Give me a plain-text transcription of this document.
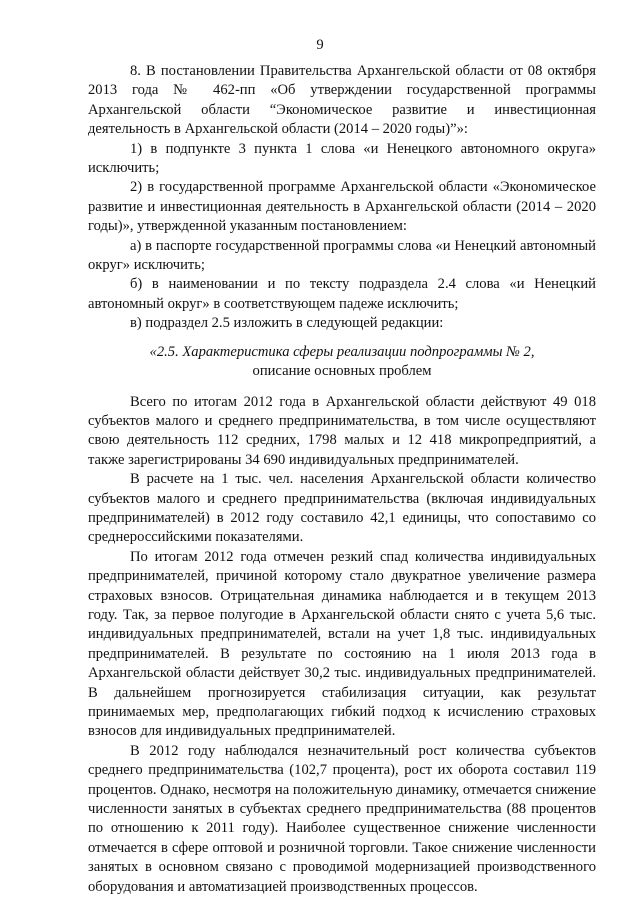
9

8. В постановлении Правительства Архангельской области от 08 октября 2013 года № 462-пп «Об утверждении государственной программы Архангельской области “Экономическое развитие и инвестиционная деятельность в Архангельской области (2014 – 2020 годы)”»:

1) в подпункте 3 пункта 1 слова «и Ненецкого автономного округа» исключить;

2) в государственной программе Архангельской области «Экономическое развитие и инвестиционная деятельность в Архангельской области (2014 – 2020 годы)», утвержденной указанным постановлением:

а) в паспорте государственной программы слова «и Ненецкий автономный округ» исключить;

б) в наименовании и по тексту подраздела 2.4 слова «и Ненецкий автономный округ» в соответствующем падеже исключить;

в) подраздел 2.5 изложить в следующей редакции:

«2.5. Характеристика сферы реализации подпрограммы № 2,
описание основных проблем

Всего по итогам 2012 года в Архангельской области действуют 49 018 субъектов малого и среднего предпринимательства, в том числе осуществляют свою деятельность 112 средних, 1798 малых и 12 418 микропредприятий, а также зарегистрированы 34 690 индивидуальных предпринимателей.

В расчете на 1 тыс. чел. населения Архангельской области количество субъектов малого и среднего предпринимательства (включая индивидуальных предпринимателей) в 2012 году составило 42,1 единицы, что сопоставимо со среднероссийскими показателями.

По итогам 2012 года отмечен резкий спад количества индивидуальных предпринимателей, причиной которому стало двукратное увеличение размера страховых взносов. Отрицательная динамика наблюдается и в текущем 2013 году. Так, за первое полугодие в Архангельской области снято с учета 5,6 тыс. индивидуальных предпринимателей, встали на учет 1,8 тыс. индивидуальных предпринимателей. В результате по состоянию на 1 июля 2013 года в Архангельской области действует 30,2 тыс. индивидуальных предпринимателей. В дальнейшем прогнозируется стабилизация ситуации, как результат принимаемых мер, предполагающих гибкий подход к исчислению страховых взносов для индивидуальных предпринимателей.

В 2012 году наблюдался незначительный рост количества субъектов среднего предпринимательства (102,7 процента), рост их оборота составил 119 процентов. Однако, несмотря на положительную динамику, отмечается снижение численности занятых в субъектах среднего предпринимательства (88 процентов по отношению к 2011 году). Наиболее существенное снижение численности отмечается в сфере оптовой и розничной торговли. Такое снижение численности занятых в основном связано с проводимой модернизацией производственного оборудования и автоматизацией производственных процессов.
